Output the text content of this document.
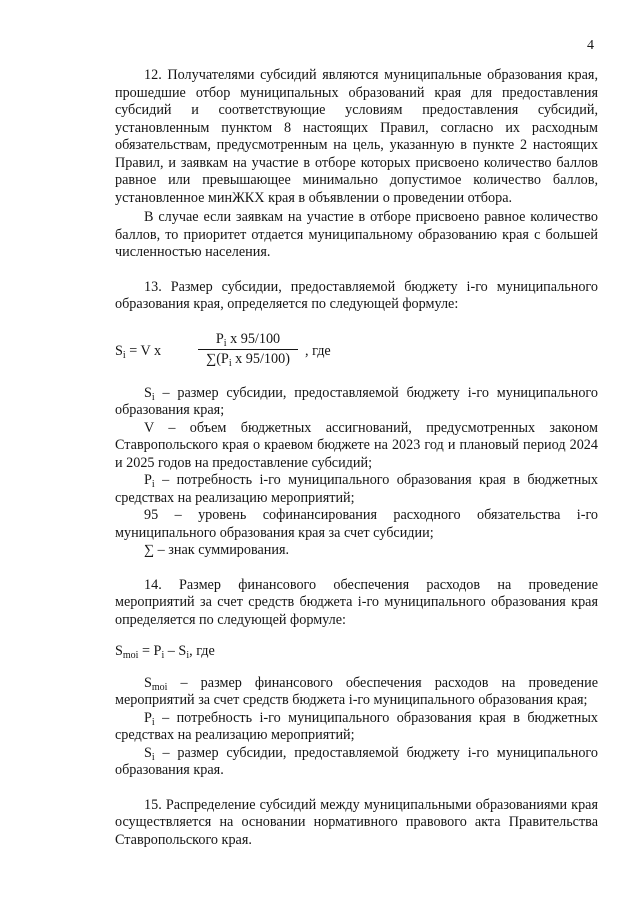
4

12. Получателями субсидий являются муниципальные образования края, прошедшие отбор муниципальных образований края для предоставления субсидий и соответствующие условиям предоставления субсидий, установленным пунктом 8 настоящих Правил, согласно их расходным обязательствам, предусмотренным на цель, указанную в пункте 2 настоящих Правил, и заявкам на участие в отборе которых присвоено количество баллов равное или превышающее минимально допустимое количество баллов, установленное минЖКХ края в объявлении о проведении отбора.

В случае если заявкам на участие в отборе присвоено равное количество баллов, то приоритет отдается муниципальному образованию края с большей численностью населения.

13. Размер субсидии, предоставляемой бюджету i-го муниципального образования края, определяется по следующей формуле:

$S_i = V$ x
$P_i$ x 95/100
$\sum(P_i$ x 95/100)
, где

$S_i$ – размер субсидии, предоставляемой бюджету i-го муниципального образования края;

V – объем бюджетных ассигнований, предусмотренных законом Ставропольского края о краевом бюджете на 2023 год и плановый период 2024 и 2025 годов на предоставление субсидий;

$P_i$ – потребность i-го муниципального образования края в бюджетных средствах на реализацию мероприятий;

95 – уровень софинансирования расходного обязательства i-го муниципального образования края за счет субсидии;

∑ – знак суммирования.

14. Размер финансового обеспечения расходов на проведение мероприятий за счет средств бюджета i-го муниципального образования края определяется по следующей формуле:

$S_{moi} = P_i - S_i$, где

$S_{moi}$ – размер финансового обеспечения расходов на проведение мероприятий за счет средств бюджета i-го муниципального образования края;

$P_i$ – потребность i-го муниципального образования края в бюджетных средствах на реализацию мероприятий;

$S_i$ – размер субсидии, предоставляемой бюджету i-го муниципального образования края.

15. Распределение субсидий между муниципальными образованиями края осуществляется на основании нормативного правового акта Правительства Ставропольского края.
